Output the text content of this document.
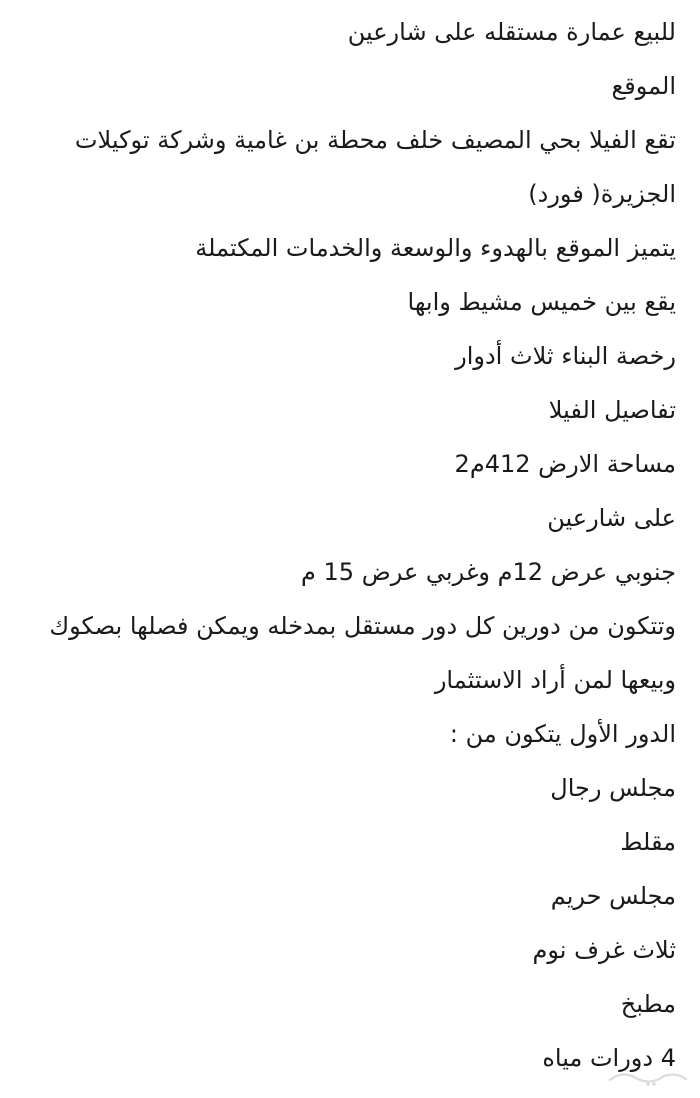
للبيع عمارة مستقله على شارعين
الموقع
تقع الفيلا بحي المصيف خلف محطة بن غامية وشركة توكيلات
الجزيرة( فورد)
يتميز الموقع بالهدوء والوسعة والخدمات المكتملة
يقع بين خميس مشيط وابها
رخصة البناء ثلاث أدوار
تفاصيل الفيلا
مساحة الارض 412م2
على شارعين
جنوبي عرض 12م وغربي عرض 15 م
وتتكون من دورين كل دور مستقل بمدخله ويمكن فصلها بصكوك
وبيعها لمن أراد الاستثمار
الدور الأول يتكون من :
مجلس رجال
مقلط
مجلس حريم
ثلاث غرف نوم
مطبخ
4 دورات مياه
